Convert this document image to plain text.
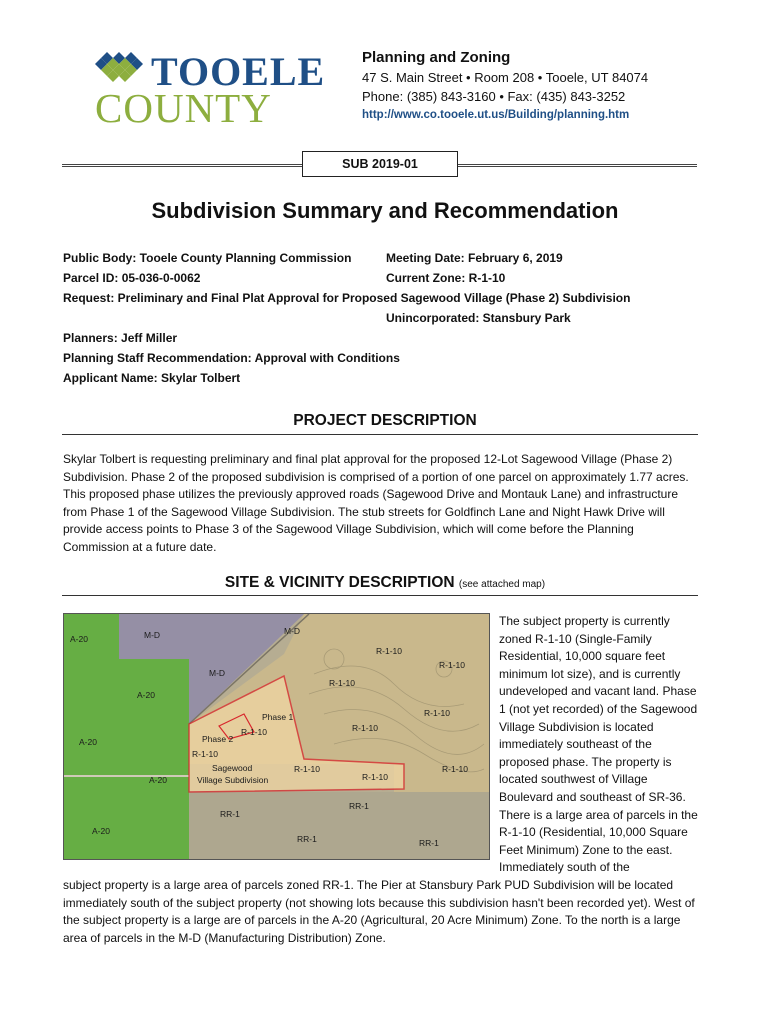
TOOELE
COUNTY
Planning and Zoning
47 S. Main Street • Room 208 • Tooele, UT 84074
Phone: (385) 843-3160 • Fax: (435) 843-3252
http://www.co.tooele.ut.us/Building/planning.htm
SUB 2019-01
Subdivision Summary and Recommendation
Public Body: Tooele County Planning Commission	Meeting Date: February 6, 2019
Parcel ID: 05-036-0-0062	Current Zone: R-1-10
Request: Preliminary and Final Plat Approval for Proposed Sagewood Village (Phase 2) Subdivision
Unincorporated: Stansbury Park
Planners: Jeff Miller
Planning Staff Recommendation: Approval with Conditions
Applicant Name: Skylar Tolbert
PROJECT DESCRIPTION
Skylar Tolbert is requesting preliminary and final plat approval for the proposed 12-Lot Sagewood Village (Phase 2) Subdivision. Phase 2 of the proposed subdivision is comprised of a portion of one parcel on approximately 1.77 acres. This proposed phase utilizes the previously approved roads (Sagewood Drive and Montauk Lane) and infrastructure from Phase 1 of the Sagewood Village Subdivision. The stub streets for Goldfinch Lane and Night Hawk Drive will provide access points to Phase 3 of the Sagewood Village Subdivision, which will come before the Planning Commission at a future date.
SITE & VICINITY DESCRIPTION (see attached map)
A-20	M-D	M-D
R-1-10
R-1-10
M-D
R-1-10
A-20
R-1-10
Phase 1
R-1-10	R-1-10
Phase 2
A-20
R-1-10
Sagewood	R-1-10	R-1-10
A-20	Village Subdivision	R-1-10
RR-1
RR-1
A-20
RR-1	RR-1
The subject property is currently zoned R-1-10 (Single-Family Residential, 10,000 square feet minimum lot size), and is currently undeveloped and vacant land. Phase 1 (not yet recorded) of the Sagewood Village Subdivision is located immediately southeast of the proposed phase. The property is located southwest of Village Boulevard and southeast of SR-36. There is a large area of parcels in the R-1-10 (Residential, 10,000 Square Feet Minimum) Zone to the east. Immediately south of the
subject property is a large area of parcels zoned RR-1. The Pier at Stansbury Park PUD Subdivision will be located immediately south of the subject property (not showing lots because this subdivision hasn't been recorded yet). West of the subject property is a large are of parcels in the A-20 (Agricultural, 20 Acre Minimum) Zone. To the north is a large area of parcels in the M-D (Manufacturing Distribution) Zone.
